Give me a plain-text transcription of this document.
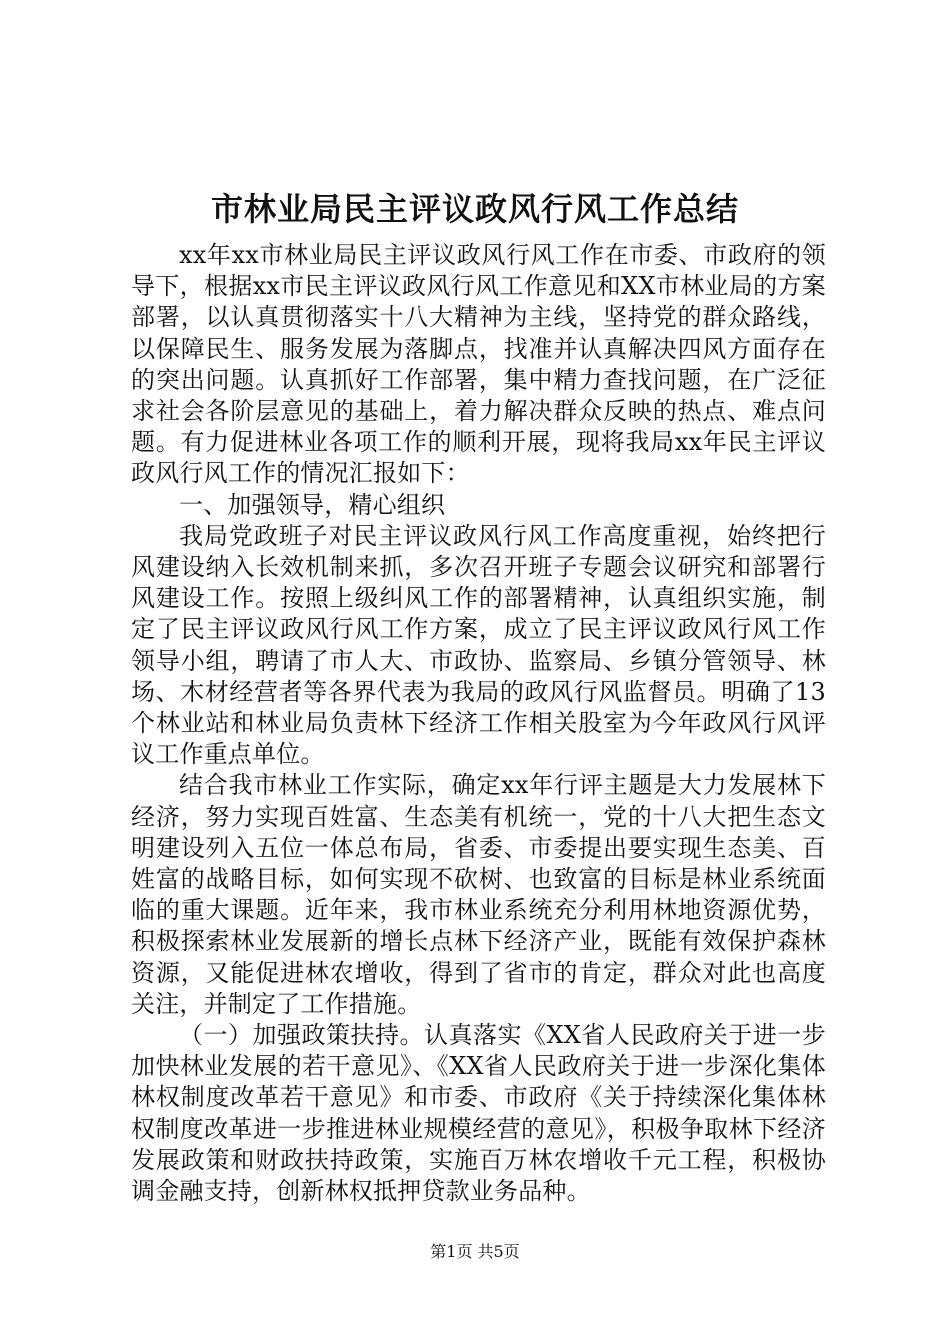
市林业局民主评议政风行风工作总结

xx年xx市林业局民主评议政风行风工作在市委、市政府的领导下，根据xx市民主评议政风行风工作意见和XX市林业局的方案部署，以认真贯彻落实十八大精神为主线，坚持党的群众路线，以保障民生、服务发展为落脚点，找准并认真解决四风方面存在的突出问题。认真抓好工作部署，集中精力查找问题，在广泛征求社会各阶层意见的基础上，着力解决群众反映的热点、难点问题。有力促进林业各项工作的顺利开展，现将我局xx年民主评议政风行风工作的情况汇报如下：

一、加强领导，精心组织

我局党政班子对民主评议政风行风工作高度重视，始终把行风建设纳入长效机制来抓，多次召开班子专题会议研究和部署行风建设工作。按照上级纠风工作的部署精神，认真组织实施，制定了民主评议政风行风工作方案，成立了民主评议政风行风工作领导小组，聘请了市人大、市政协、监察局、乡镇分管领导、林场、木材经营者等各界代表为我局的政风行风监督员。明确了13个林业站和林业局负责林下经济工作相关股室为今年政风行风评议工作重点单位。

结合我市林业工作实际，确定xx年行评主题是大力发展林下经济，努力实现百姓富、生态美有机统一，党的十八大把生态文明建设列入五位一体总布局，省委、市委提出要实现生态美、百姓富的战略目标，如何实现不砍树、也致富的目标是林业系统面临的重大课题。近年来，我市林业系统充分利用林地资源优势，积极探索林业发展新的增长点林下经济产业，既能有效保护森林资源，又能促进林农增收，得到了省市的肯定，群众对此也高度关注，并制定了工作措施。

（一）加强政策扶持。认真落实《XX省人民政府关于进一步加快林业发展的若干意见》、《XX省人民政府关于进一步深化集体林权制度改革若干意见》和市委、市政府《关于持续深化集体林权制度改革进一步推进林业规模经营的意见》，积极争取林下经济发展政策和财政扶持政策，实施百万林农增收千元工程，积极协调金融支持，创新林权抵押贷款业务品种。

第1页 共5页
